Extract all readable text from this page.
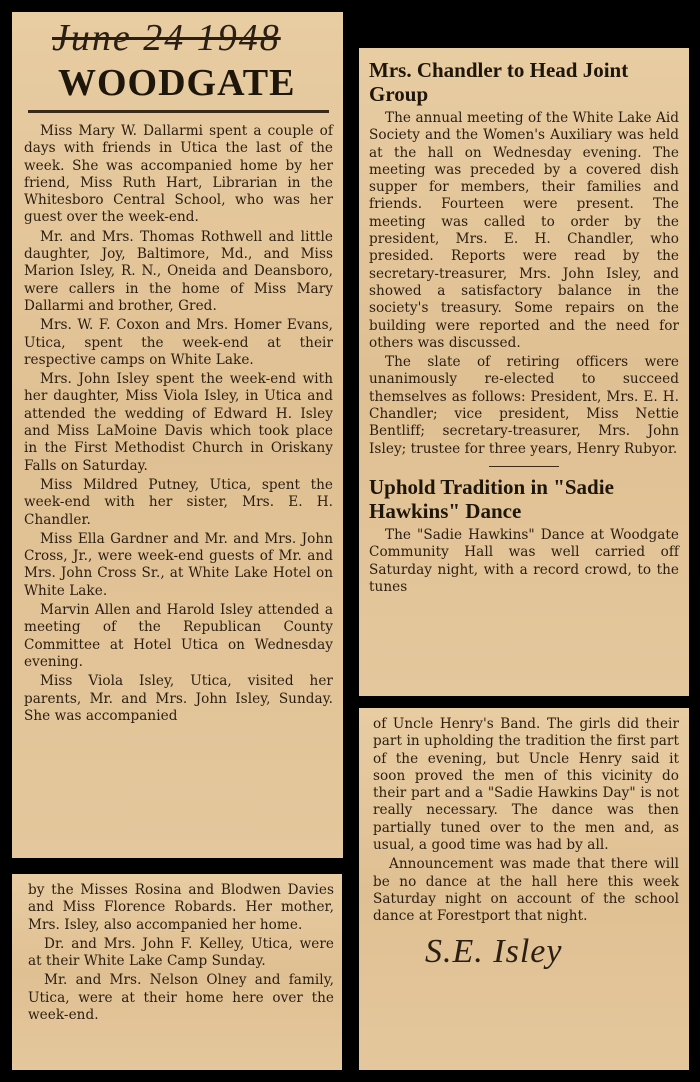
June 24 1948
WOODGATE

Miss Mary W. Dallarmi spent a couple of days with friends in Utica the last of the week. She was accompanied home by her friend, Miss Ruth Hart, Librarian in the Whitesboro Central School, who was her guest over the week-end.

Mr. and Mrs. Thomas Rothwell and little daughter, Joy, Baltimore, Md., and Miss Marion Isley, R. N., Oneida and Deansboro, were callers in the home of Miss Mary Dallarmi and brother, Gred.

Mrs. W. F. Coxon and Mrs. Homer Evans, Utica, spent the week-end at their respective camps on White Lake.

Mrs. John Isley spent the week-end with her daughter, Miss Viola Isley, in Utica and attended the wedding of Edward H. Isley and Miss LaMoine Davis which took place in the First Methodist Church in Oriskany Falls on Saturday.

Miss Mildred Putney, Utica, spent the week-end with her sister, Mrs. E. H. Chandler.

Miss Ella Gardner and Mr. and Mrs. John Cross, Jr., were week-end guests of Mr. and Mrs. John Cross Sr., at White Lake Hotel on White Lake.

Marvin Allen and Harold Isley attended a meeting of the Republican County Committee at Hotel Utica on Wednesday evening.

Miss Viola Isley, Utica, visited her parents, Mr. and Mrs. John Isley, Sunday. She was accompanied

by the Misses Rosina and Blodwen Davies and Miss Florence Robards. Her mother, Mrs. Isley, also accompanied her home.

Dr. and Mrs. John F. Kelley, Utica, were at their White Lake Camp Sunday.

Mr. and Mrs. Nelson Olney and family, Utica, were at their home here over the week-end.

Mrs. Chandler to Head Joint Group

The annual meeting of the White Lake Aid Society and the Women's Auxiliary was held at the hall on Wednesday evening. The meeting was preceded by a covered dish supper for members, their families and friends. Fourteen were present. The meeting was called to order by the president, Mrs. E. H. Chandler, who presided. Reports were read by the secretary-treasurer, Mrs. John Isley, and showed a satisfactory balance in the society's treasury. Some repairs on the building were reported and the need for others was discussed.

The slate of retiring officers were unanimously re-elected to succeed themselves as follows: President, Mrs. E. H. Chandler; vice president, Miss Nettie Bentliff; secretary-treasurer, Mrs. John Isley; trustee for three years, Henry Rubyor.

Uphold Tradition in "Sadie Hawkins" Dance

The "Sadie Hawkins" Dance at Woodgate Community Hall was well carried off Saturday night, with a record crowd, to the tunes

of Uncle Henry's Band. The girls did their part in upholding the tradition the first part of the evening, but Uncle Henry said it soon proved the men of this vicinity do their part and a "Sadie Hawkins Day" is not really necessary. The dance was then partially tuned over to the men and, as usual, a good time was had by all.

Announcement was made that there will be no dance at the hall here this week Saturday night on account of the school dance at Forestport that night.

S.E. Isley
